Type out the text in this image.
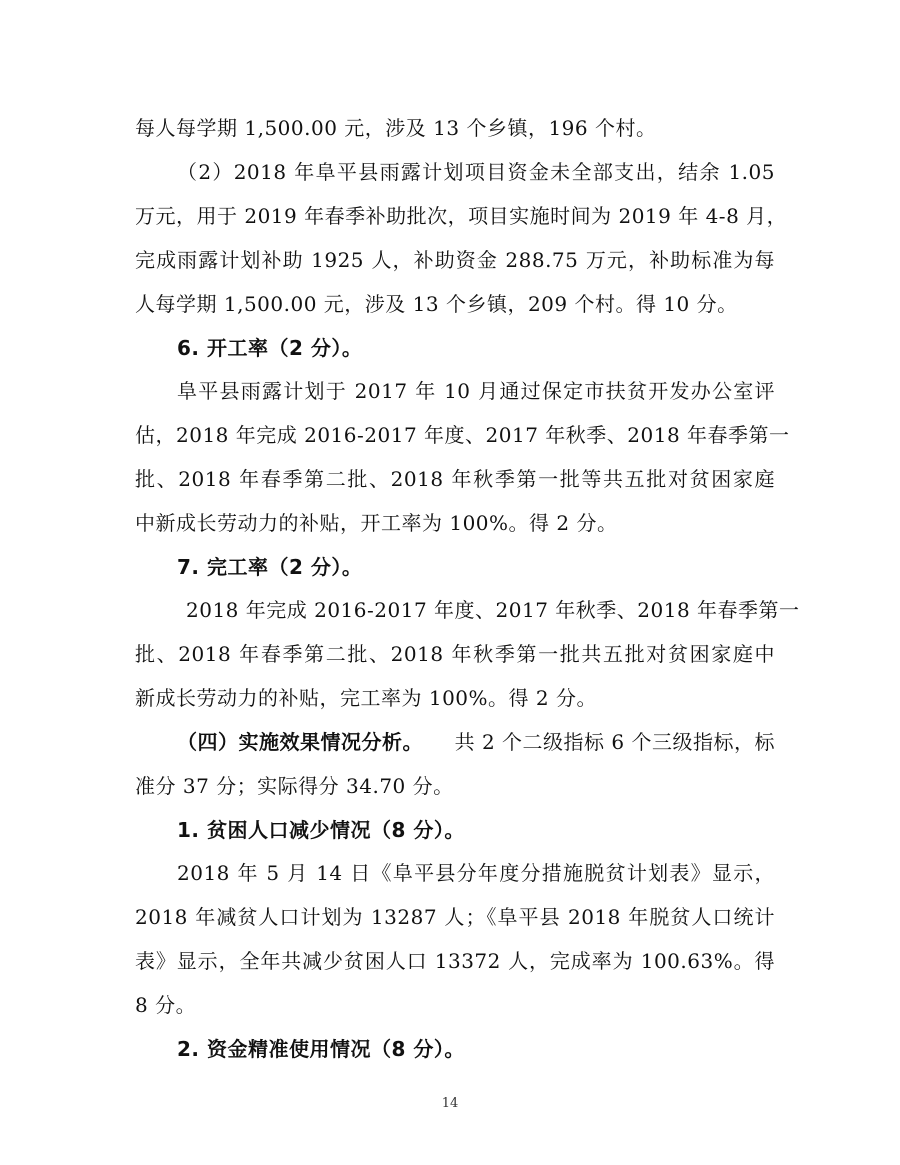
每人每学期 1,500.00 元，涉及 13 个乡镇，196 个村。
（2）2018 年阜平县雨露计划项目资金未全部支出，结余 1.05
万元，用于 2019 年春季补助批次，项目实施时间为 2019 年 4-8 月，
完成雨露计划补助 1925 人，补助资金 288.75 万元，补助标准为每
人每学期 1,500.00 元，涉及 13 个乡镇，209 个村。得 10 分。
6. 开工率（2 分）。
阜平县雨露计划于 2017 年 10 月通过保定市扶贫开发办公室评
估，2018 年完成 2016-2017 年度、2017 年秋季、2018 年春季第一
批、2018 年春季第二批、2018 年秋季第一批等共五批对贫困家庭
中新成长劳动力的补贴，开工率为 100%。得 2 分。
7. 完工率（2 分）。
2018 年完成 2016-2017 年度、2017 年秋季、2018 年春季第一
批、2018 年春季第二批、2018 年秋季第一批共五批对贫困家庭中
新成长劳动力的补贴，完工率为 100%。得 2 分。
（四）实施效果情况分析。 共 2 个二级指标 6 个三级指标，标
准分 37 分；实际得分 34.70 分。
1. 贫困人口减少情况（8 分）。
2018 年 5 月 14 日《阜平县分年度分措施脱贫计划表》显示，
2018 年减贫人口计划为 13287 人；《阜平县 2018 年脱贫人口统计
表》显示，全年共减少贫困人口 13372 人，完成率为 100.63%。得
8 分。
2. 资金精准使用情况（8 分）。
14
